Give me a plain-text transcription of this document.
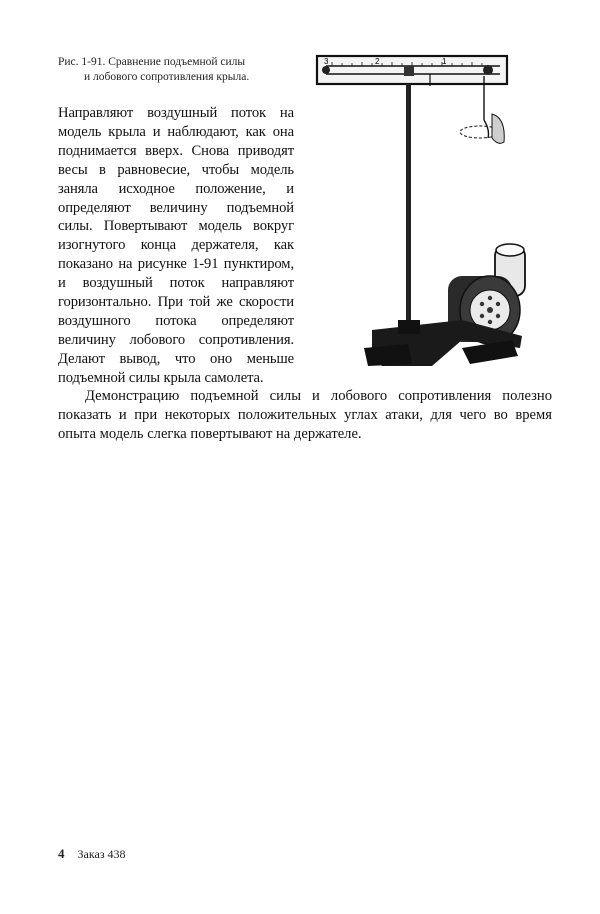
Рис. 1-91. Сравнение подъемной силы
и лобового сопротивления крыла.

Направляют воздушный поток на модель крыла и наблюдают, как она поднимается вверх. Снова приводят весы в равновесие, чтобы модель заняла исходное положение, и определяют величину подъемной силы. Повертывают модель вокруг изогнутого конца держателя, как показано на рисунке 1-91 пунктиром, и воздушный поток направляют горизонтально. При той же скорости воздушного потока определяют величину лобового сопротивления. Делают вывод, что оно меньше подъемной силы крыла самолета.

3	2	1

Демонстрацию подъемной силы и лобового сопротивления полезно показать и при некоторых положительных углах атаки, для чего во время опыта модель слегка повертывают на держателе.

4 Заказ 438
